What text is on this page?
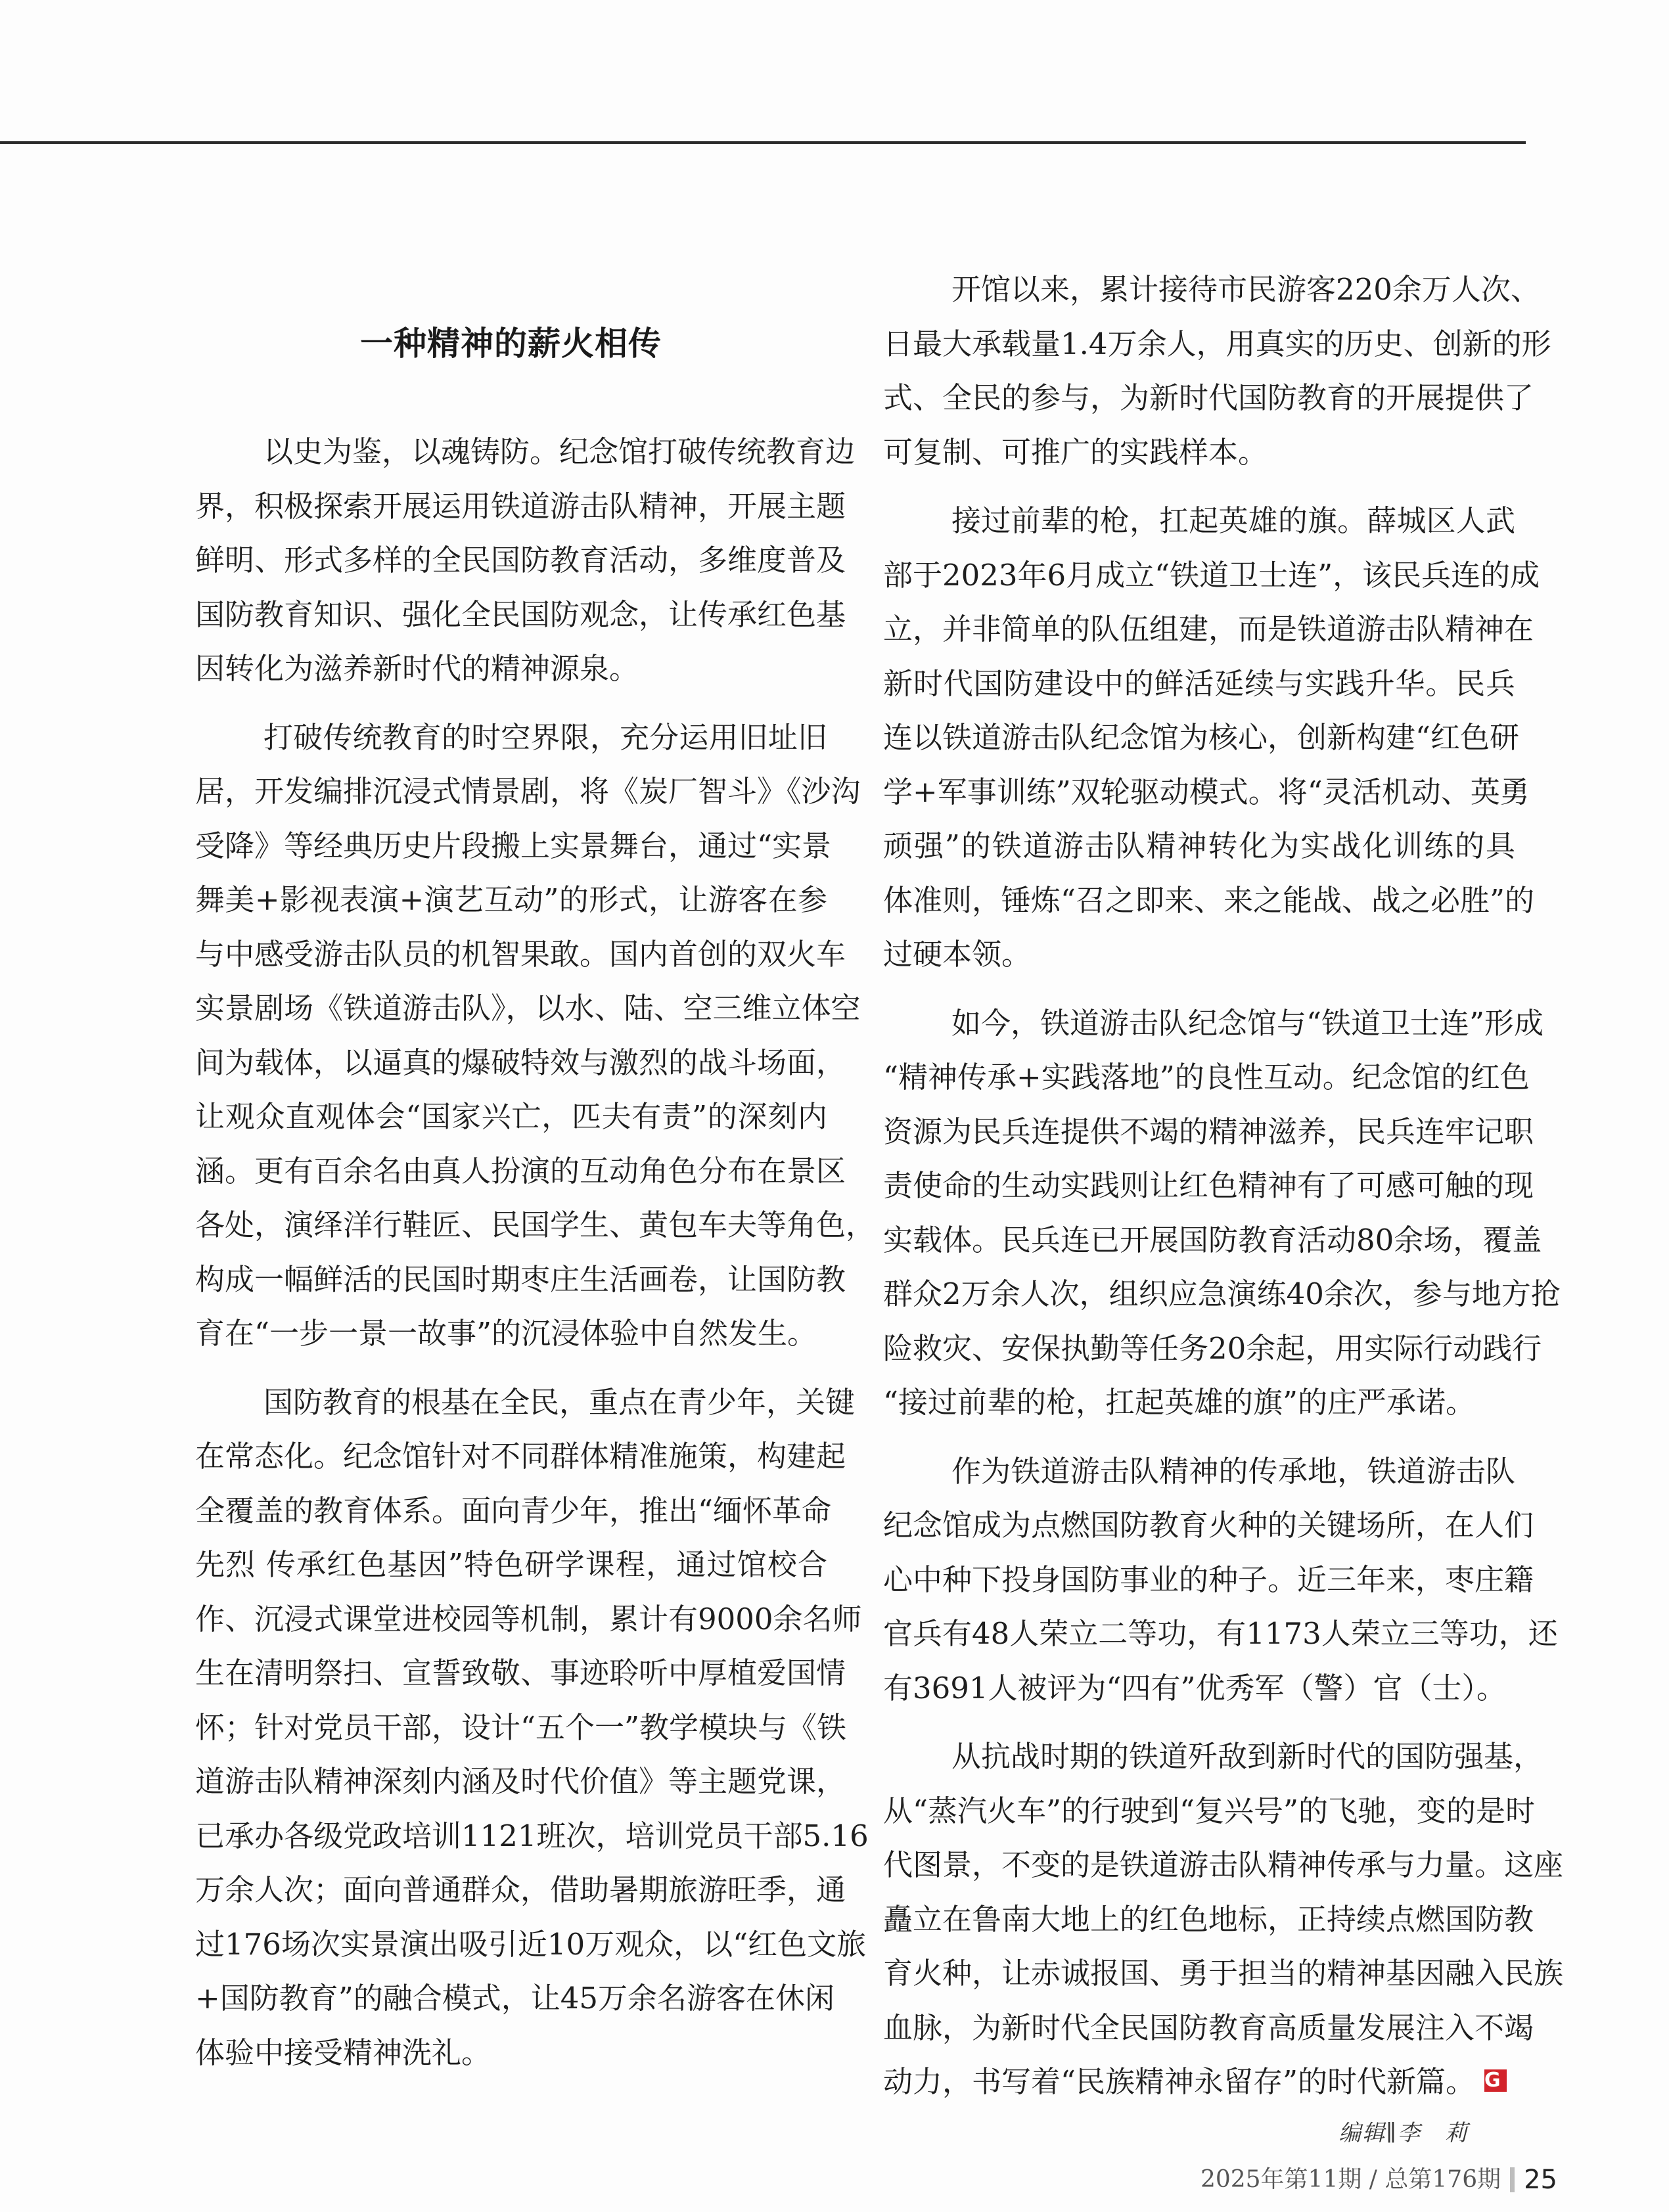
一种精神的薪火相传
以史为鉴，以魂铸防。纪念馆打破传统教育边
界，积极探索开展运用铁道游击队精神，开展主题
鲜明、形式多样的全民国防教育活动，多维度普及
国防教育知识、强化全民国防观念，让传承红色基
因转化为滋养新时代的精神源泉。
打破传统教育的时空界限，充分运用旧址旧
居，开发编排沉浸式情景剧，将《炭厂智斗》《沙沟
受降》等经典历史片段搬上实景舞台，通过“实景
舞美+影视表演+演艺互动”的形式，让游客在参
与中感受游击队员的机智果敢。国内首创的双火车
实景剧场《铁道游击队》，以水、陆、空三维立体空
间为载体，以逼真的爆破特效与激烈的战斗场面，
让观众直观体会“国家兴亡，匹夫有责”的深刻内
涵。更有百余名由真人扮演的互动角色分布在景区
各处，演绎洋行鞋匠、民国学生、黄包车夫等角色，
构成一幅鲜活的民国时期枣庄生活画卷，让国防教
育在“一步一景一故事”的沉浸体验中自然发生。
国防教育的根基在全民，重点在青少年，关键
在常态化。纪念馆针对不同群体精准施策，构建起
全覆盖的教育体系。面向青少年，推出“缅怀革命
先烈 传承红色基因”特色研学课程，通过馆校合
作、沉浸式课堂进校园等机制，累计有9000余名师
生在清明祭扫、宣誓致敬、事迹聆听中厚植爱国情
怀；针对党员干部，设计“五个一”教学模块与《铁
道游击队精神深刻内涵及时代价值》等主题党课，
已承办各级党政培训1121班次，培训党员干部5.16
万余人次；面向普通群众，借助暑期旅游旺季，通
过176场次实景演出吸引近10万观众，以“红色文旅
+国防教育”的融合模式，让45万余名游客在休闲
体验中接受精神洗礼。
开馆以来，累计接待市民游客220余万人次、
日最大承载量1.4万余人，用真实的历史、创新的形
式、全民的参与，为新时代国防教育的开展提供了
可复制、可推广的实践样本。
接过前辈的枪，扛起英雄的旗。薛城区人武
部于2023年6月成立“铁道卫士连”，该民兵连的成
立，并非简单的队伍组建，而是铁道游击队精神在
新时代国防建设中的鲜活延续与实践升华。民兵
连以铁道游击队纪念馆为核心，创新构建“红色研
学+军事训练”双轮驱动模式。将“灵活机动、英勇
顽强”的铁道游击队精神转化为实战化训练的具
体准则，锤炼“召之即来、来之能战、战之必胜”的
过硬本领。
如今，铁道游击队纪念馆与“铁道卫士连”形成
“精神传承+实践落地”的良性互动。纪念馆的红色
资源为民兵连提供不竭的精神滋养，民兵连牢记职
责使命的生动实践则让红色精神有了可感可触的现
实载体。民兵连已开展国防教育活动80余场，覆盖
群众2万余人次，组织应急演练40余次，参与地方抢
险救灾、安保执勤等任务20余起，用实际行动践行
“接过前辈的枪，扛起英雄的旗”的庄严承诺。
作为铁道游击队精神的传承地，铁道游击队
纪念馆成为点燃国防教育火种的关键场所，在人们
心中种下投身国防事业的种子。近三年来，枣庄籍
官兵有48人荣立二等功，有1173人荣立三等功，还
有3691人被评为“四有”优秀军（警）官（士）。
从抗战时期的铁道歼敌到新时代的国防强基，
从“蒸汽火车”的行驶到“复兴号”的飞驰，变的是时
代图景，不变的是铁道游击队精神传承与力量。这座
矗立在鲁南大地上的红色地标，正持续点燃国防教
育火种，让赤诚报国、勇于担当的精神基因融入民族
血脉，为新时代全民国防教育高质量发展注入不竭
动力，书写着“民族精神永留存”的时代新篇。 G
编辑∥李　莉
2025年第11期 / 总第176期 25
